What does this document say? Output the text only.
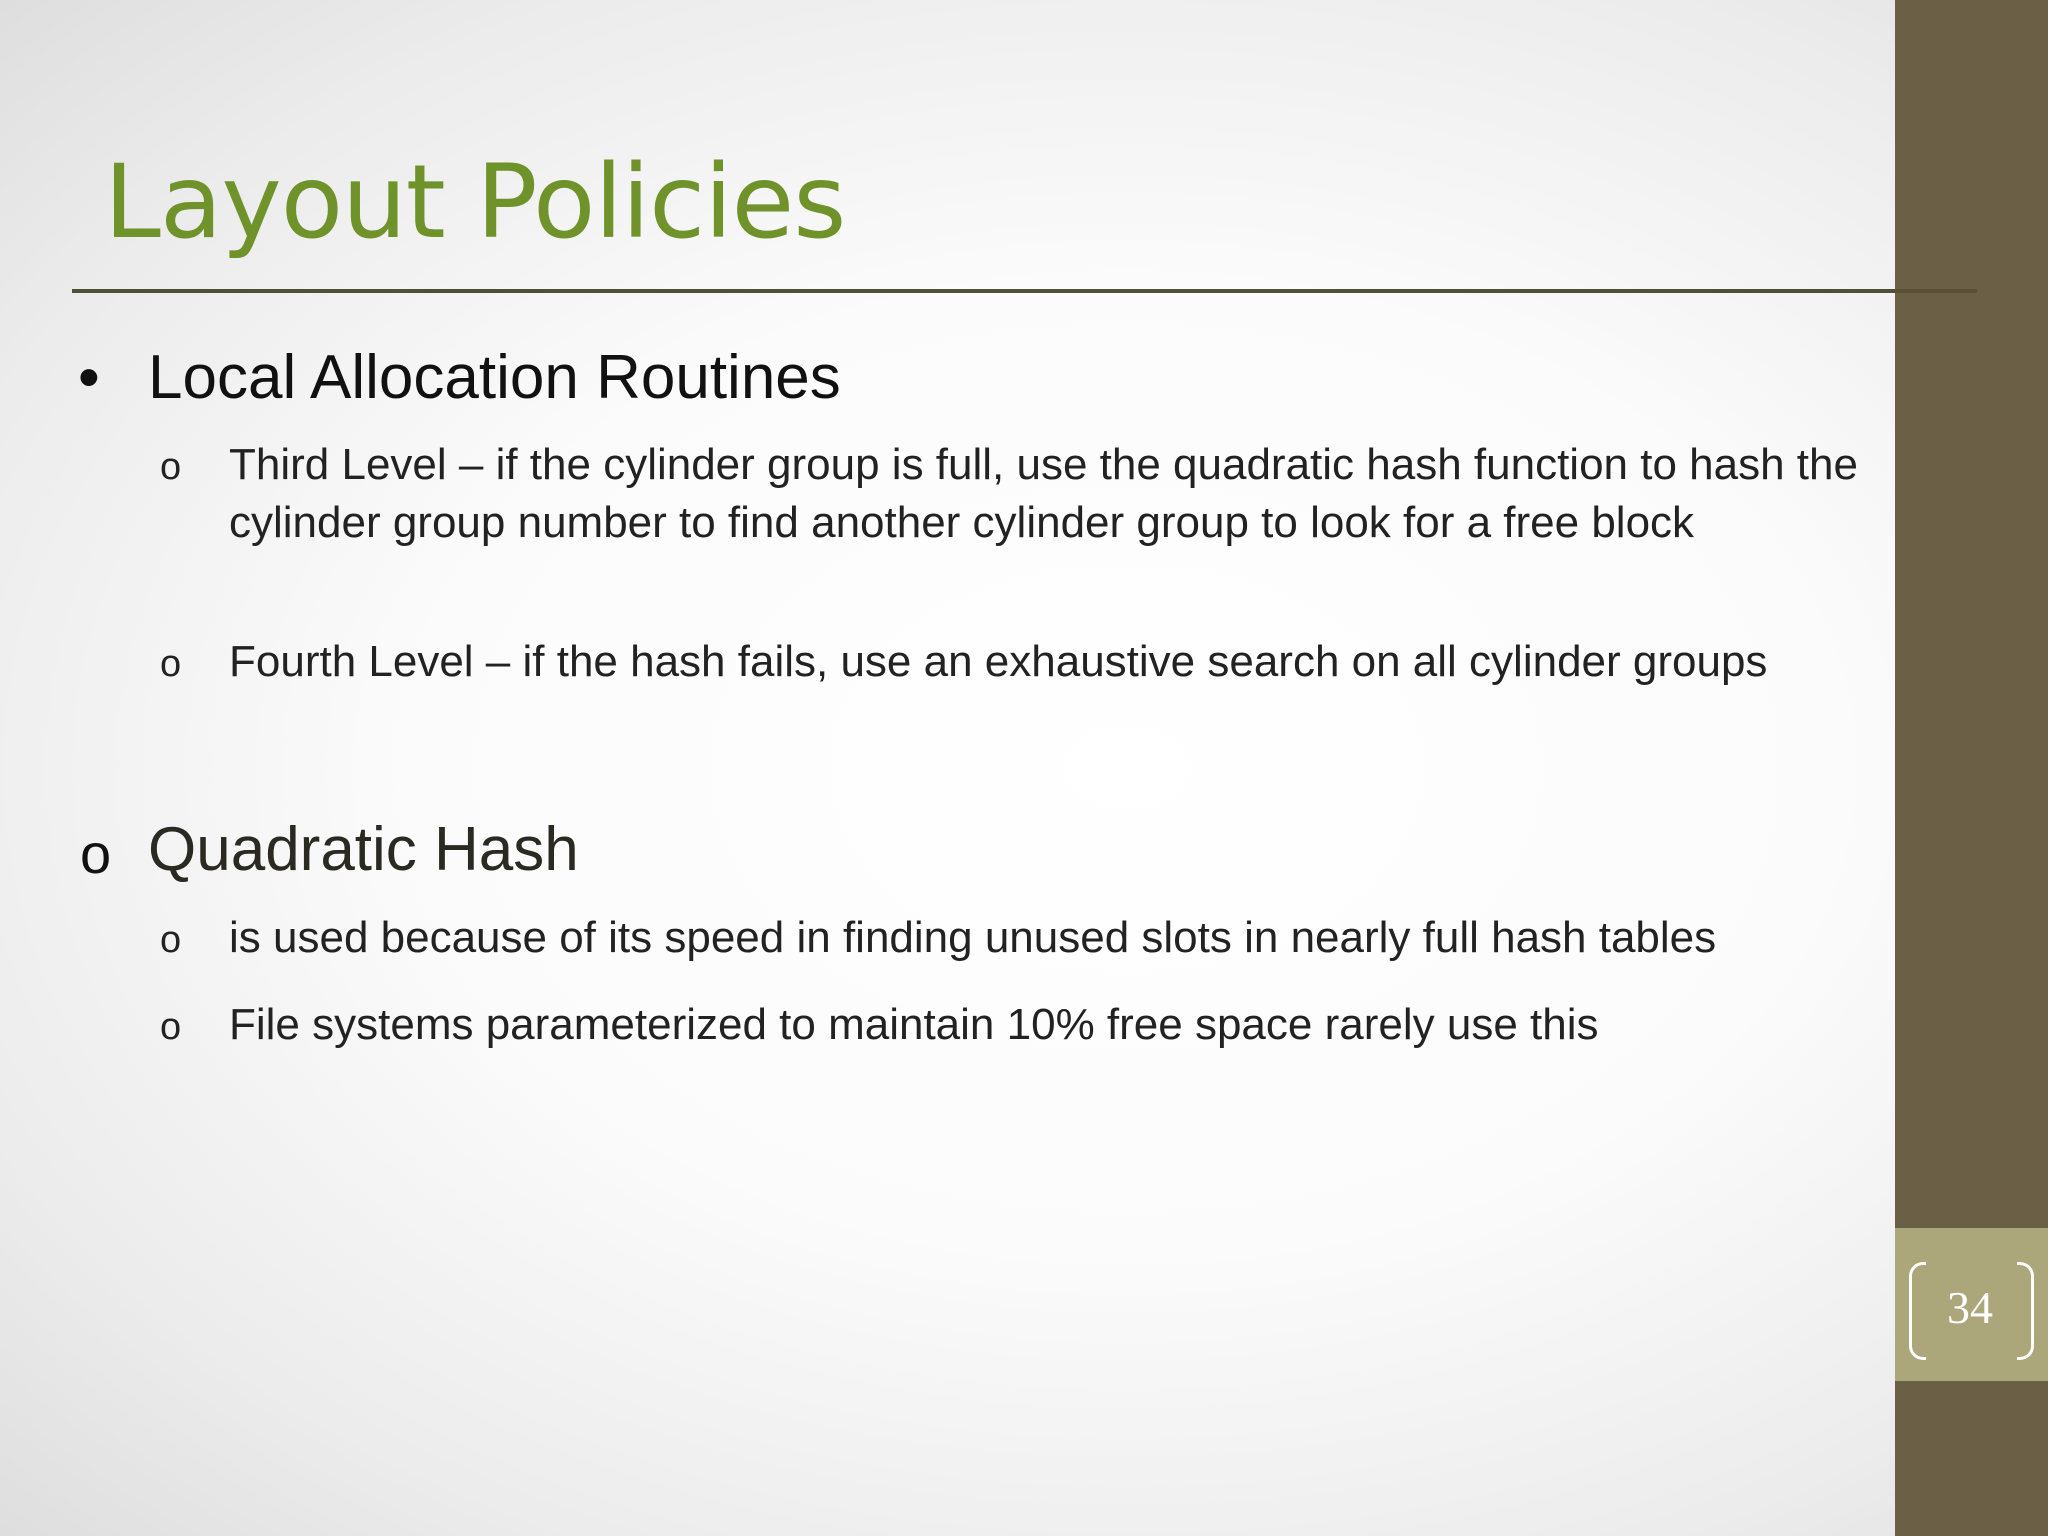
34
Layout Policies
• Local Allocation Routines
o Third Level – if the cylinder group is full, use the quadratic hash function to hash the cylinder group number to find another cylinder group to look for a free block
o Fourth Level – if the hash fails, use an exhaustive search on all cylinder groups
o Quadratic Hash
o is used because of its speed in finding unused slots in nearly full hash tables
o File systems parameterized to maintain 10% free space rarely use this
